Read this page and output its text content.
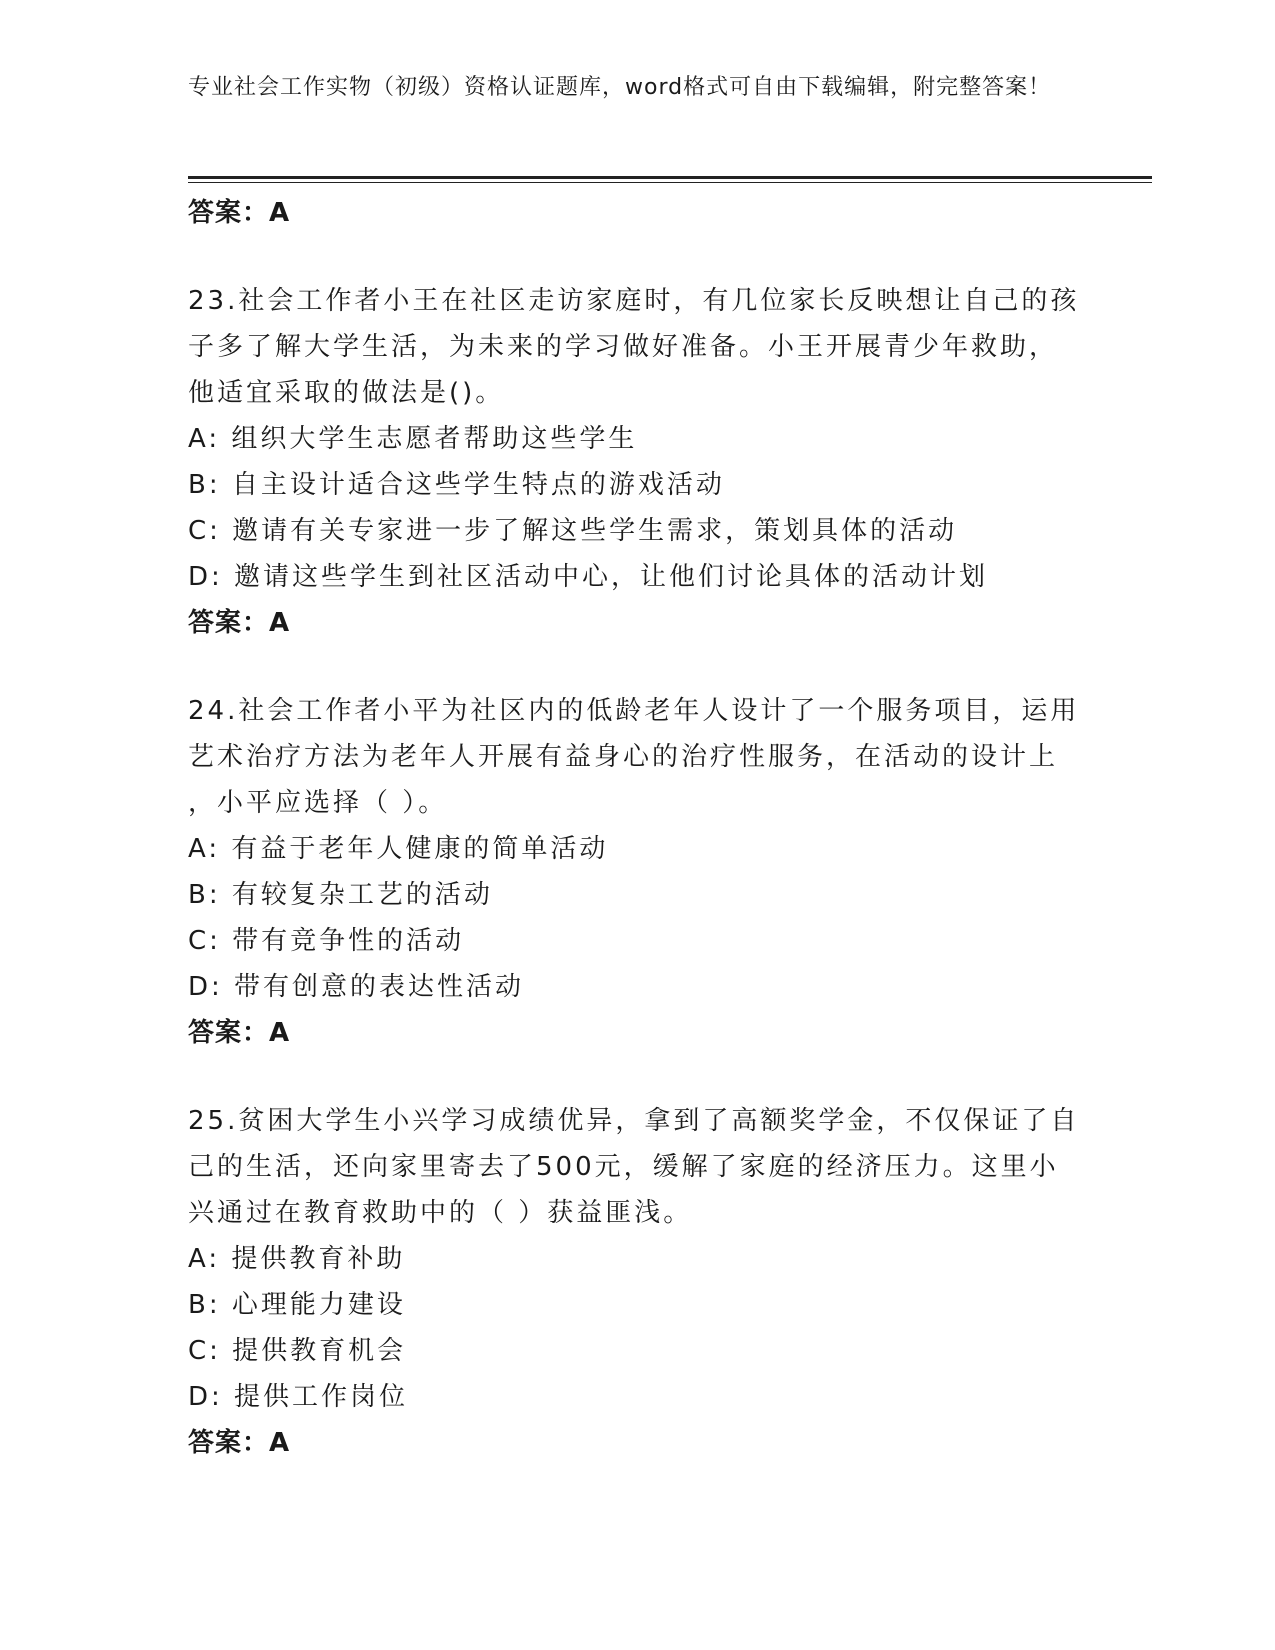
专业社会工作实物（初级）资格认证题库，word格式可自由下载编辑，附完整答案！
答案：A
23.社会工作者小王在社区走访家庭时，有几位家长反映想让自己的孩
子多了解大学生活，为未来的学习做好准备。小王开展青少年救助，
他适宜采取的做法是()。
A: 组织大学生志愿者帮助这些学生
B: 自主设计适合这些学生特点的游戏活动
C: 邀请有关专家进一步了解这些学生需求，策划具体的活动
D: 邀请这些学生到社区活动中心，让他们讨论具体的活动计划
答案：A
24.社会工作者小平为社区内的低龄老年人设计了一个服务项目，运用
艺术治疗方法为老年人开展有益身心的治疗性服务，在活动的设计上
，小平应选择（ ）。
A: 有益于老年人健康的简单活动
B: 有较复杂工艺的活动
C: 带有竞争性的活动
D: 带有创意的表达性活动
答案：A
25.贫困大学生小兴学习成绩优异，拿到了高额奖学金，不仅保证了自
己的生活，还向家里寄去了500元，缓解了家庭的经济压力。这里小
兴通过在教育救助中的（ ）获益匪浅。
A: 提供教育补助
B: 心理能力建设
C: 提供教育机会
D: 提供工作岗位
答案：A
